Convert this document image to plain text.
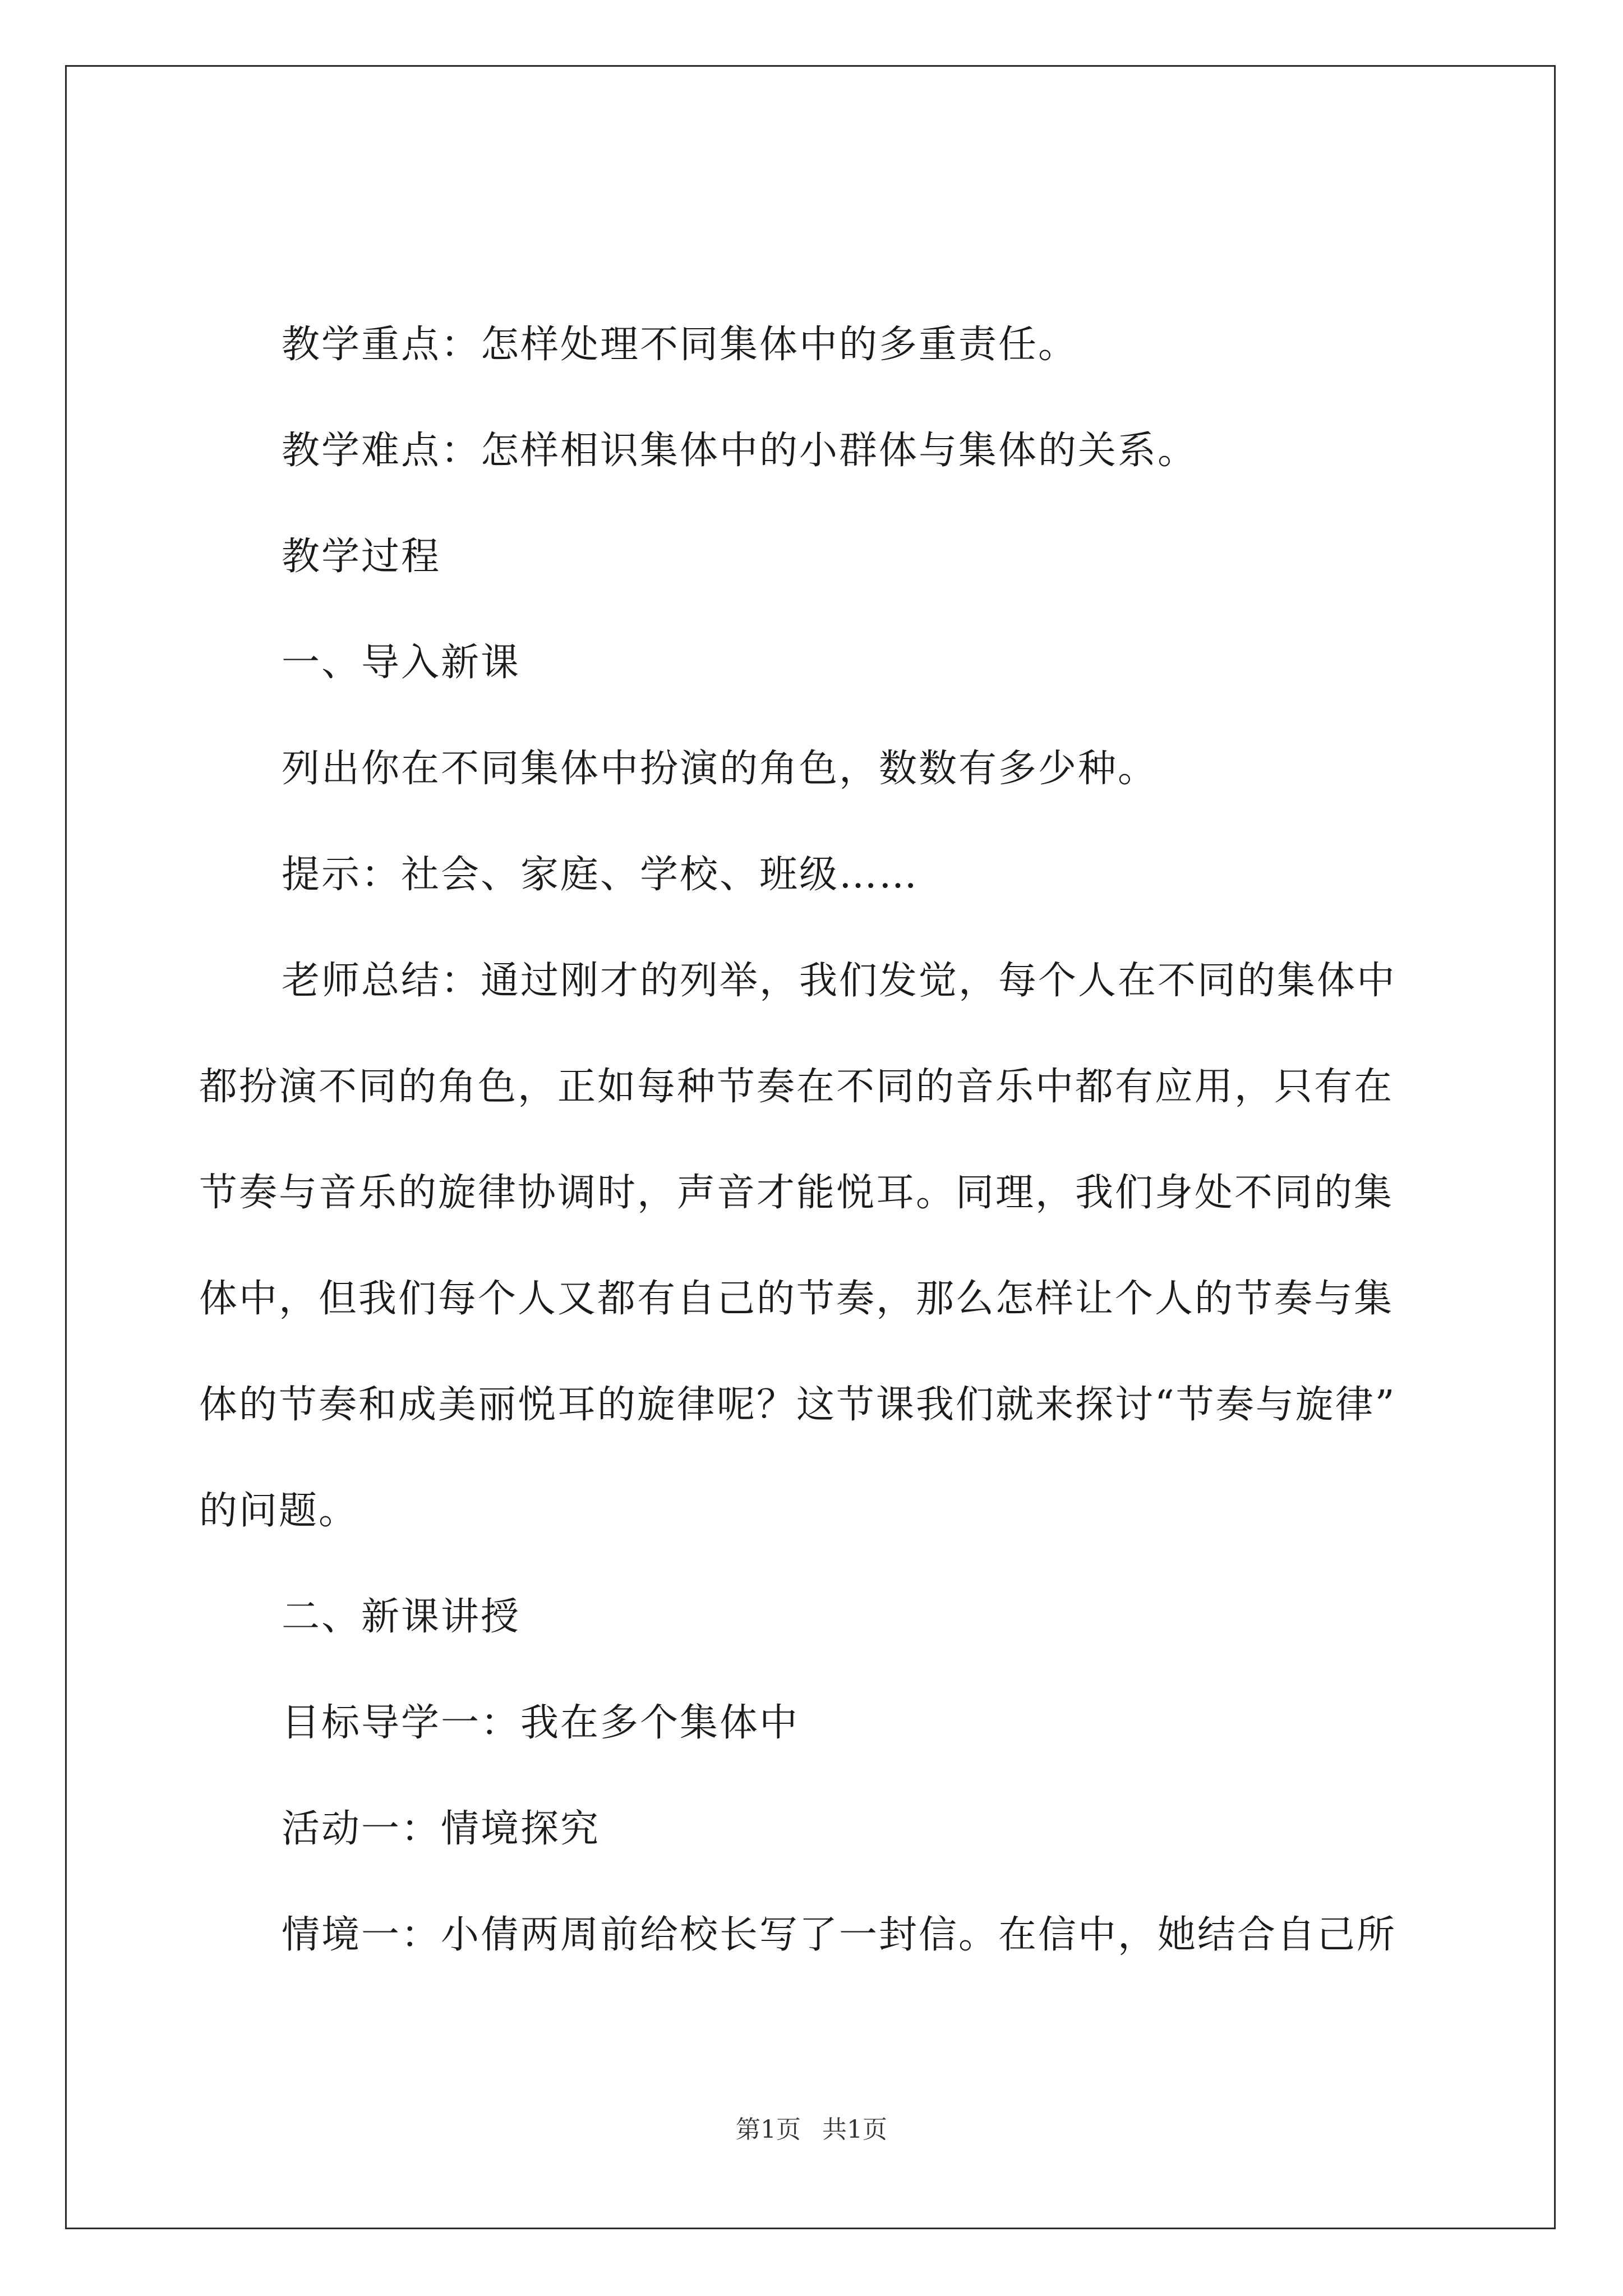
教学重点：怎样处理不同集体中的多重责任。

教学难点：怎样相识集体中的小群体与集体的关系。

教学过程

一、导入新课

列出你在不同集体中扮演的角色，数数有多少种。

提示：社会、家庭、学校、班级……

老师总结：通过刚才的列举，我们发觉，每个人在不同的集体中

都扮演不同的角色，正如每种节奏在不同的音乐中都有应用，只有在

节奏与音乐的旋律协调时，声音才能悦耳。同理，我们身处不同的集

体中，但我们每个人又都有自己的节奏，那么怎样让个人的节奏与集

体的节奏和成美丽悦耳的旋律呢？这节课我们就来探讨“节奏与旋律”

的问题。

二、新课讲授

目标导学一：我在多个集体中

活动一：情境探究

情境一：小倩两周前给校长写了一封信。在信中，她结合自己所

第1页 共1页
